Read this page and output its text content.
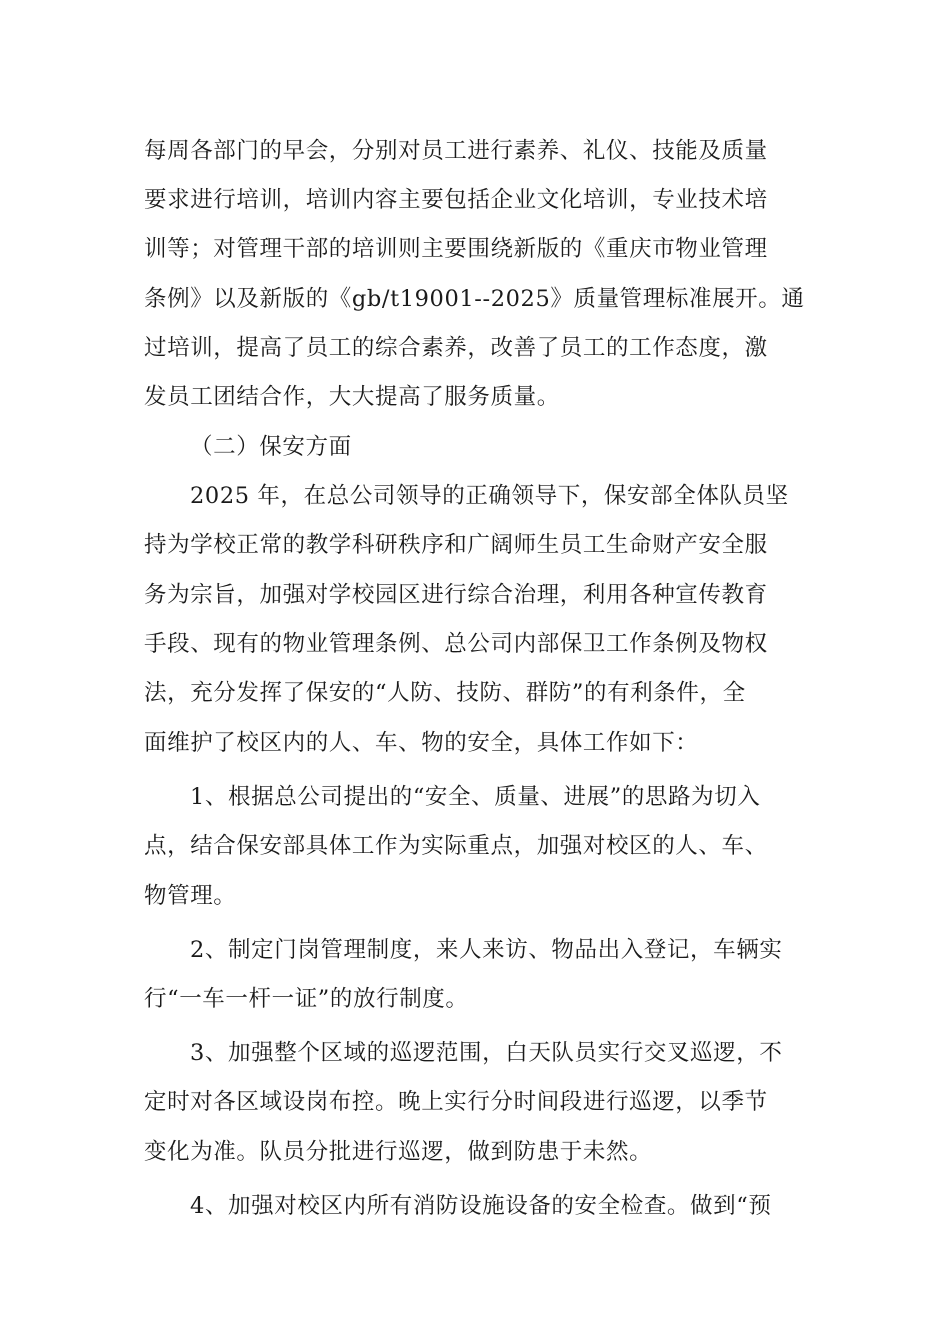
每周各部门的早会，分别对员工进行素养、礼仪、技能及质量
要求进行培训，培训内容主要包括企业文化培训，专业技术培
训等；对管理干部的培训则主要围绕新版的《重庆市物业管理
条例》以及新版的《gb/t19001--2025》质量管理标准展开。通
过培训，提高了员工的综合素养，改善了员工的工作态度，激
发员工团结合作，大大提高了服务质量。
（二）保安方面
2025 年，在总公司领导的正确领导下，保安部全体队员坚
持为学校正常的教学科研秩序和广阔师生员工生命财产安全服
务为宗旨，加强对学校园区进行综合治理，利用各种宣传教育
手段、现有的物业管理条例、总公司内部保卫工作条例及物权
法，充分发挥了保安的“人防、技防、群防”的有利条件，全
面维护了校区内的人、车、物的安全，具体工作如下：
1、根据总公司提出的“安全、质量、进展”的思路为切入
点，结合保安部具体工作为实际重点，加强对校区的人、车、
物管理。
2、制定门岗管理制度，来人来访、物品出入登记，车辆实
行“一车一杆一证”的放行制度。
3、加强整个区域的巡逻范围，白天队员实行交叉巡逻，不
定时对各区域设岗布控。晚上实行分时间段进行巡逻，以季节
变化为准。队员分批进行巡逻，做到防患于未然。
4、加强对校区内所有消防设施设备的安全检查。做到“预
